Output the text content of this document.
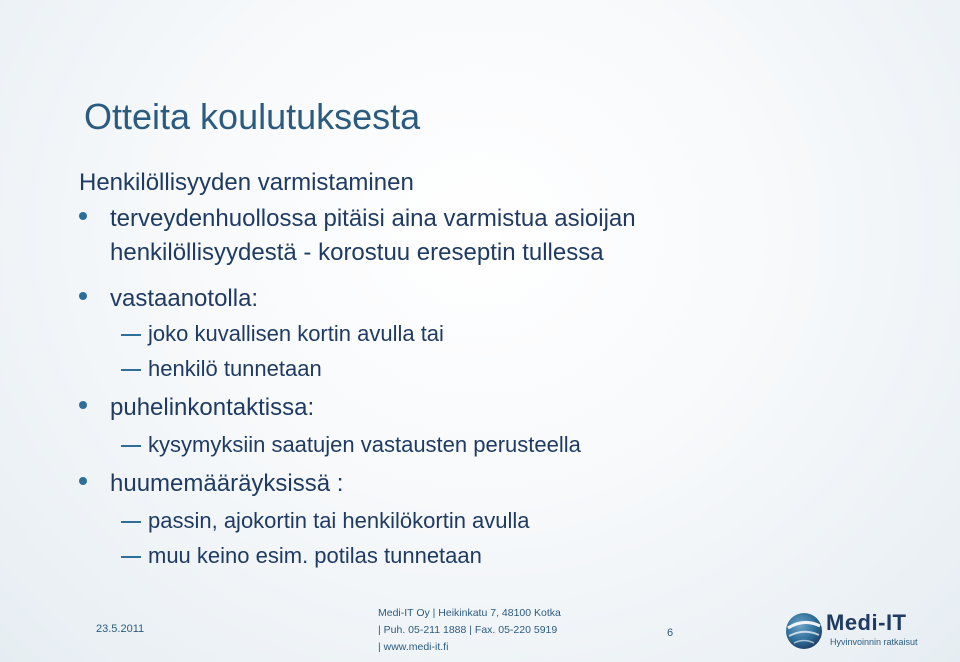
Otteita koulutuksesta
Henkilöllisyyden varmistaminen
terveydenhuollossa pitäisi aina varmistua asioijan
henkilöllisyydestä - korostuu ereseptin tullessa
vastaanotolla:
joko kuvallisen kortin avulla tai
henkilö tunnetaan
puhelinkontaktissa:
kysymyksiin saatujen vastausten perusteella
huumemääräyksissä :
passin, ajokortin tai henkilökortin avulla
muu keino esim. potilas tunnetaan
23.5.2011
Medi-IT Oy | Heikinkatu 7, 48100 Kotka
| Puh. 05-211 1888 | Fax. 05-220 5919
| www.medi-it.fi
6	Medi-IT
Hyvinvoinnin ratkaisut
